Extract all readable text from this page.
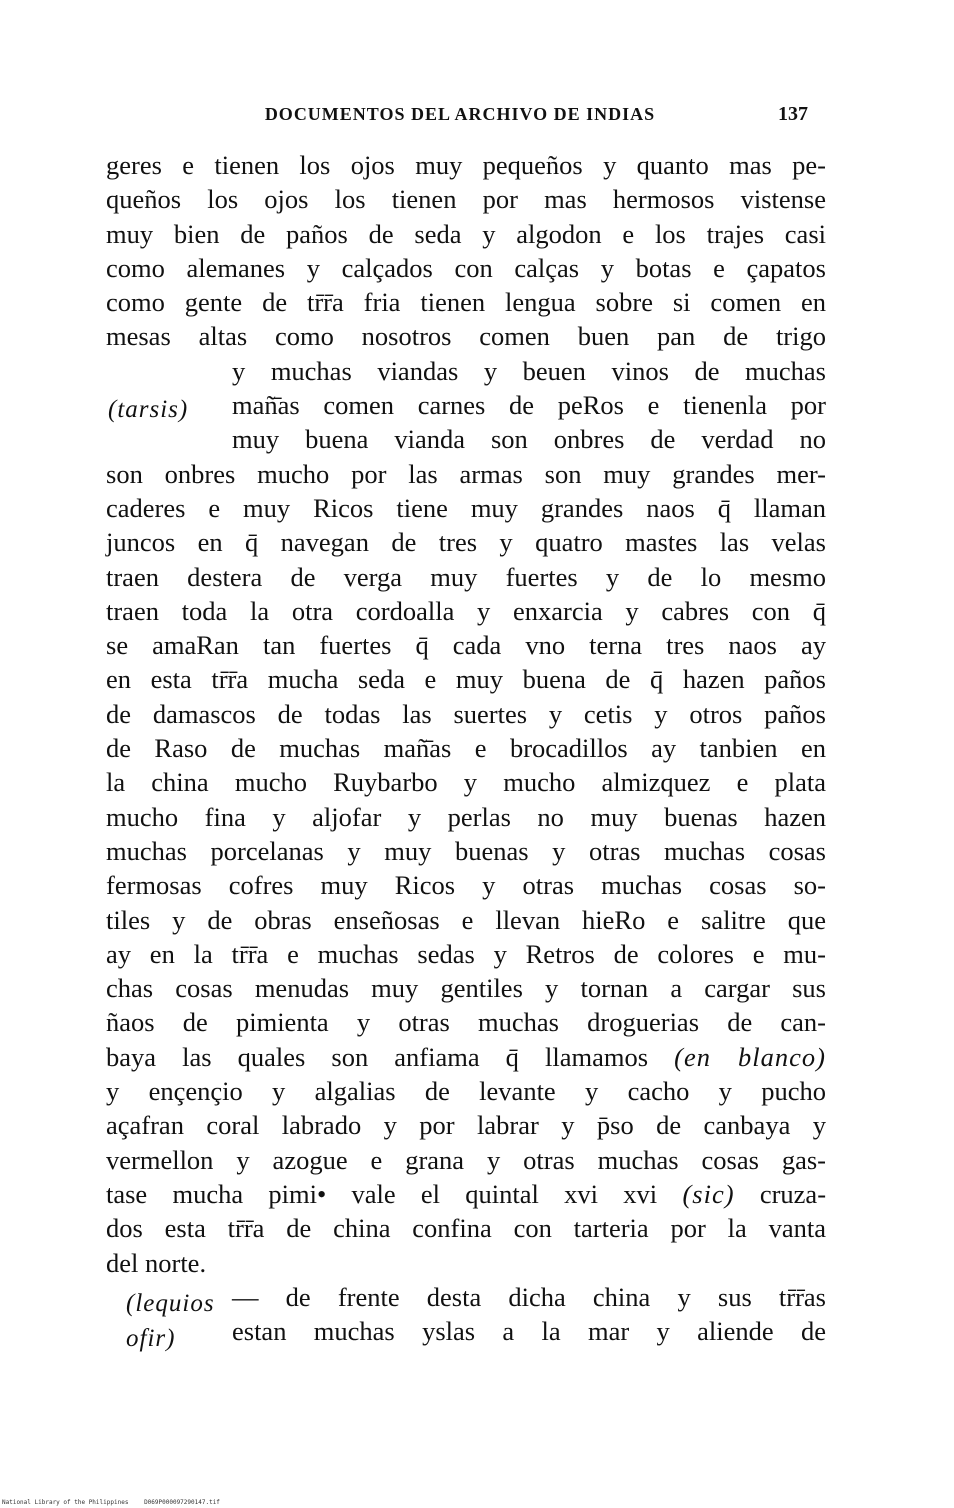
DOCUMENTOS DEL ARCHIVO DE INDIAS	137
(tarsis)
(lequios
ofir)
geres e tienen los ojos muy pequeños y quanto mas pe-
queños los ojos los tienen por mas hermosos vistense
muy bien de paños de seda y algodon e los trajes casi
como alemanes y calçados con calças y botas e çapatos
como gente de tr̄r̄a fria tienen lengua sobre si comen en
mesas altas como nosotros comen buen pan de trigo
y muchas viandas y beuen vinos de muchas
mañ̄as comen carnes de peRos e tienenla por
muy buena vianda son onbres de verdad no
son onbres mucho por las armas son muy grandes mer-
caderes e muy Ricos tiene muy grandes naos q̄ llaman
juncos en q̄ navegan de tres y quatro mastes las velas
traen destera de verga muy fuertes y de lo mesmo
traen toda la otra cordoalla y enxarcia y cabres con q̄
se amaRan tan fuertes q̄ cada vno terna tres naos ay
en esta tr̄r̄a mucha seda e muy buena de q̄ hazen paños
de damascos de todas las suertes y cetis y otros paños
de Raso de muchas mañ̄as e brocadillos ay tanbien en
la china mucho Ruybarbo y mucho almizquez e plata
mucho fina y aljofar y perlas no muy buenas hazen
muchas porcelanas y muy buenas y otras muchas cosas
fermosas cofres muy Ricos y otras muchas cosas so-
tiles y de obras enseñosas e llevan hieRo e salitre que
ay en la tr̄r̄a e muchas sedas y Retros de colores e mu-
chas cosas menudas muy gentiles y tornan a cargar sus
ñaos de pimienta y otras muchas droguerias de can-
baya las quales son anfiama q̄ llamamos (en blanco)
y ençençio y algalias de levante y cacho y pucho
açafran coral labrado y por labrar y p̄so de canbaya y
vermellon y azogue e grana y otras muchas cosas gas-
tase mucha pimi• vale el quintal xvi xvi (sic) cruza-
dos esta tr̄r̄a de china confina con tarteria por la vanta
del norte.
— de frente desta dicha china y sus tr̄r̄as
estan muchas yslas a la mar y aliende de
National Library of the Philippines	D069P000097290147.tif
